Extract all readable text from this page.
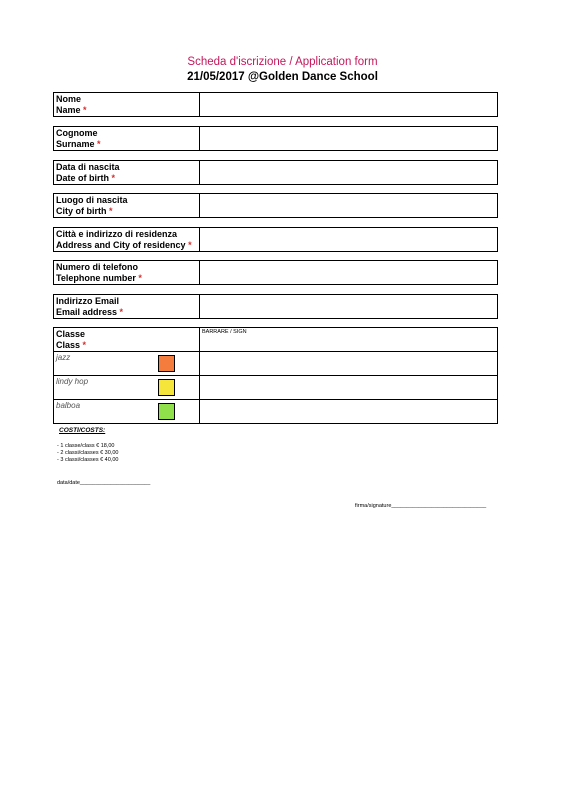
Scheda d'iscrizione / Application form
21/05/2017 @Golden Dance School
Nome
Name *
Cognome
Surname *
Data di nascita
Date of birth *
Luogo di nascita
City of birth *
Città e indirizzo di residenza
Address and City of residency *
Numero di telefono
Telephone number *
Indirizzo Email
Email address *
Classe
Class *
BARRARE / SIGN
jazz
lindy hop
balboa
COSTI/COSTS:
- 1 classe/class € 18,00
- 2 classi/classes € 30,00
- 3 classi/classes € 40,00
data/date_______________________
firma/signature_______________________________
